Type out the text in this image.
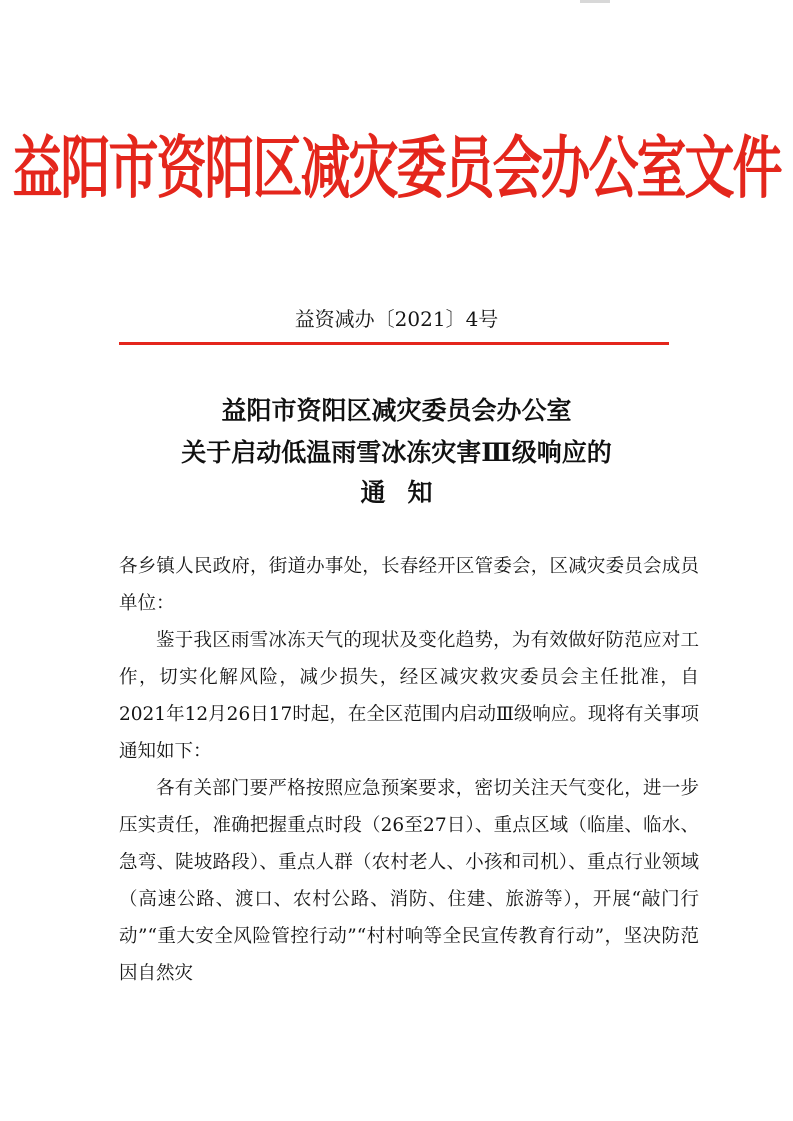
益阳市资阳区减灾委员会办公室文件
益资减办〔2021〕4号
益阳市资阳区减灾委员会办公室
关于启动低温雨雪冰冻灾害Ⅲ级响应的
通知

各乡镇人民政府，街道办事处，长春经开区管委会，区减灾委员会成员单位：

鉴于我区雨雪冰冻天气的现状及变化趋势，为有效做好防范应对工作，切实化解风险，减少损失，经区减灾救灾委员会主任批准，自2021年12月26日17时起，在全区范围内启动Ⅲ级响应。现将有关事项通知如下：

各有关部门要严格按照应急预案要求，密切关注天气变化，进一步压实责任，准确把握重点时段（26至27日）、重点区域（临崖、临水、急弯、陡坡路段）、重点人群（农村老人、小孩和司机）、重点行业领域（高速公路、渡口、农村公路、消防、住建、旅游等），开展“敲门行动”“重大安全风险管控行动”“村村响等全民宣传教育行动”，坚决防范因自然灾
